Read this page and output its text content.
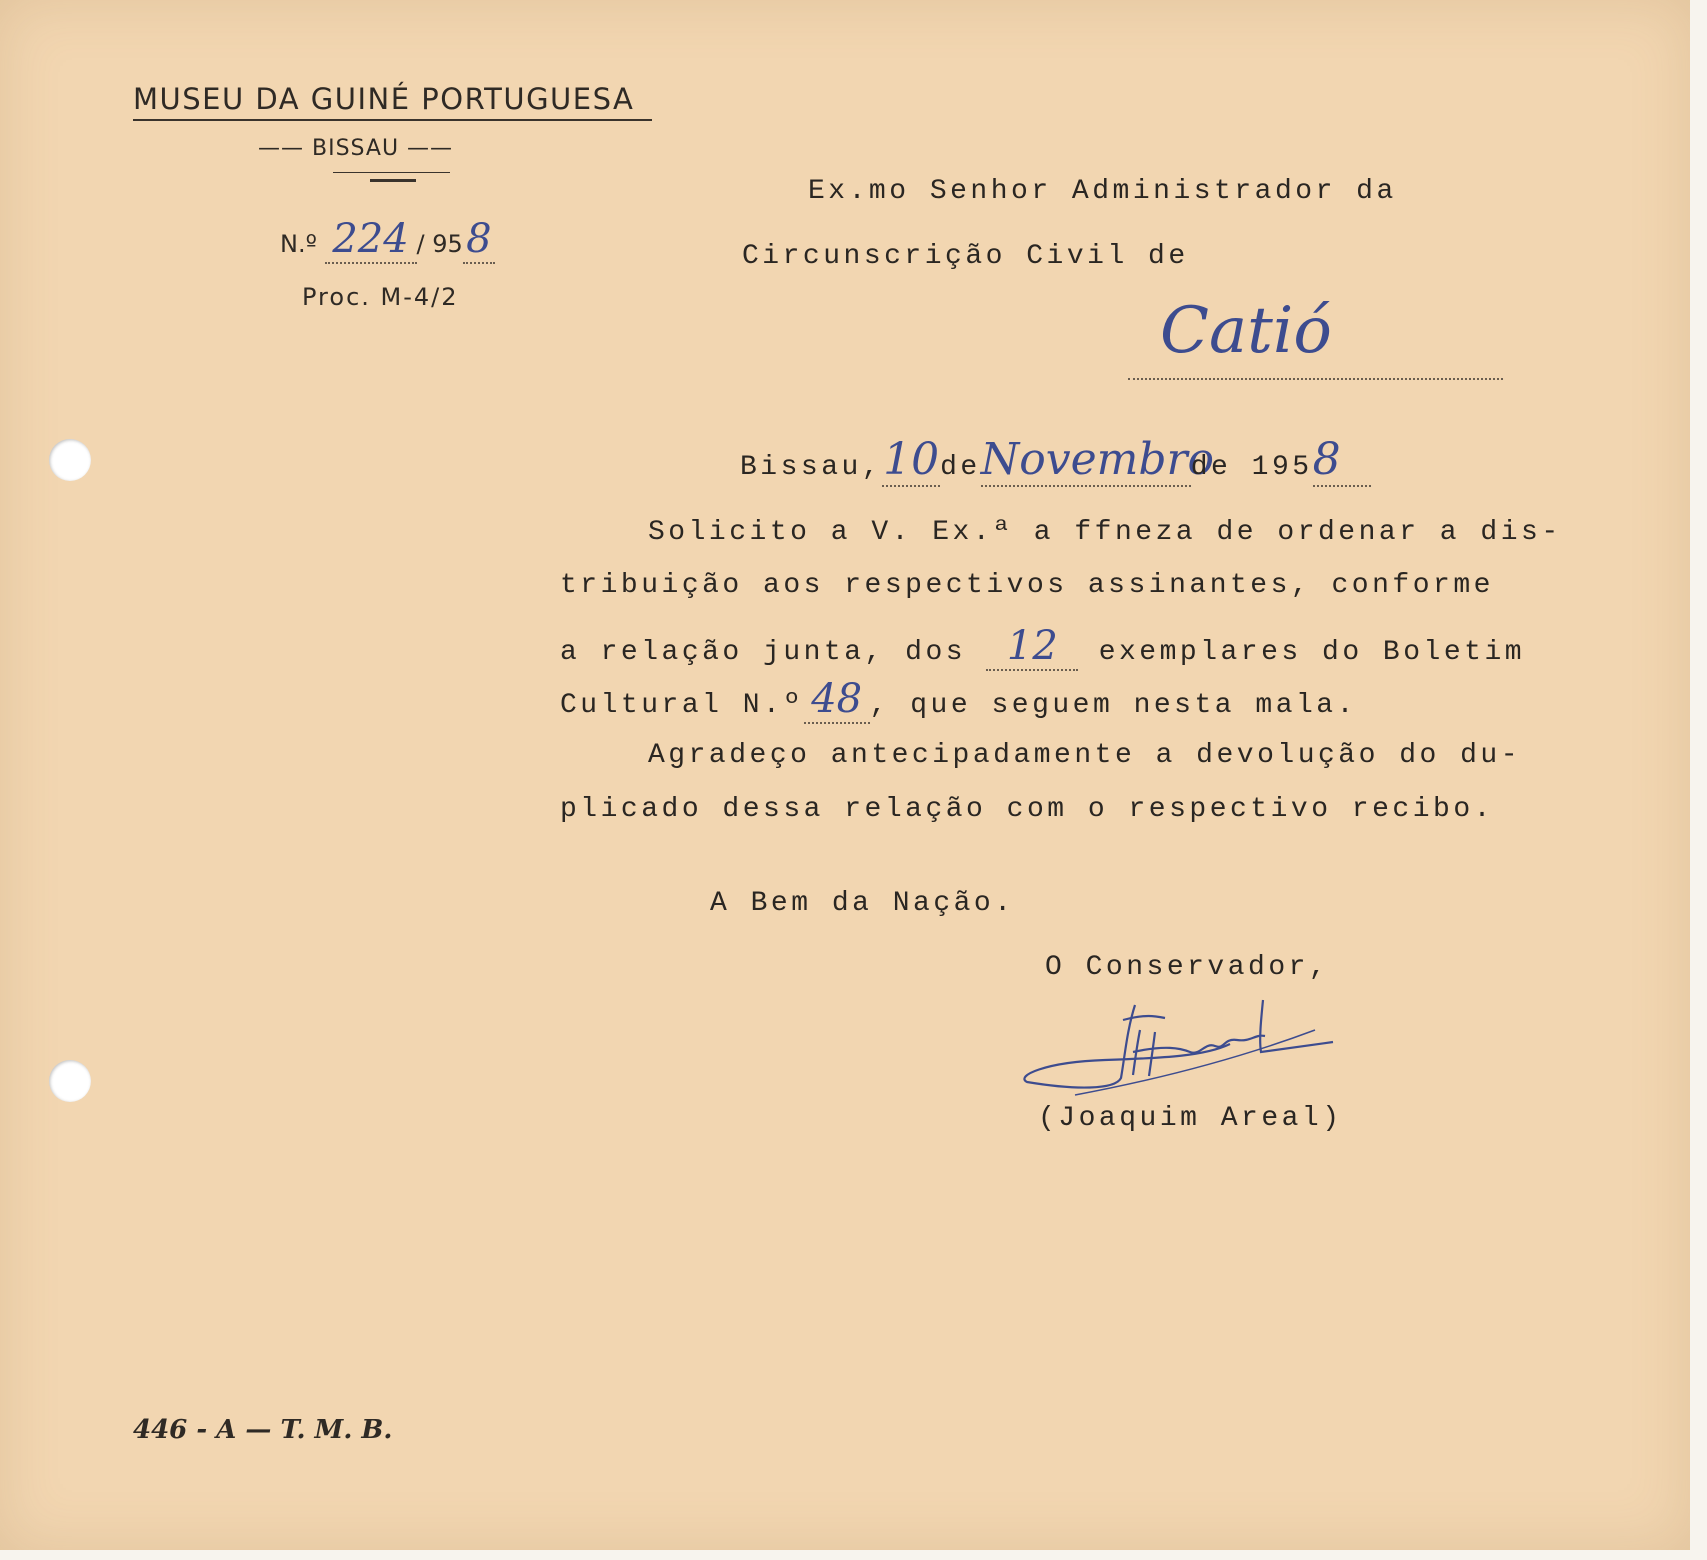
MUSEU DA GUINÉ PORTUGUESA
—— BISSAU ——
N.º 224 / 958
Proc. M-4/2
Ex.mo Senhor Administrador da
Circunscrição Civil de
Catió
Bissau,10deNovembrode 1958

Solicito a V. Ex.ª a ffneza de ordenar a dis-

tribuição aos respectivos assinantes, conforme

a relação junta, dos 12 exemplares do Boletim

Cultural N.º 48 , que seguem nesta mala.

Agradeço antecipadamente a devolução do du-

plicado dessa relação com o respectivo recibo.

A Bem da Nação.
O Conservador,
(Joaquim Areal)
446 - A — T. M. B.
